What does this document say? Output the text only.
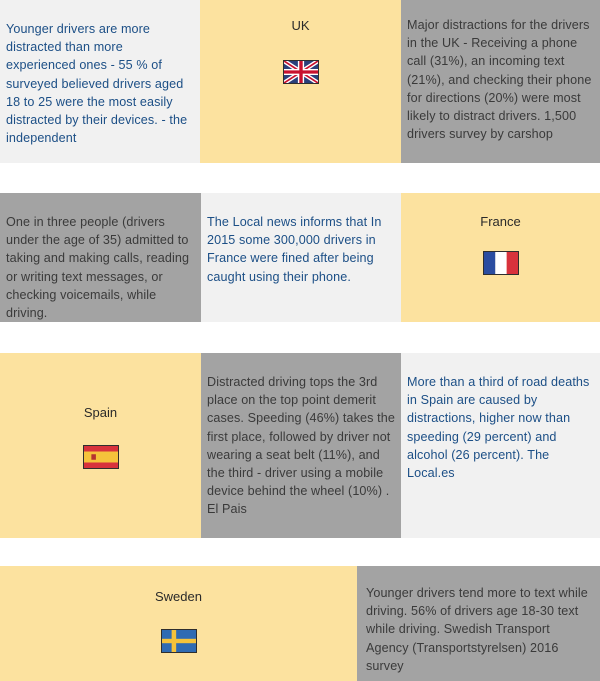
Younger drivers are more distracted than more experienced ones - 55 % of surveyed believed drivers aged 18 to 25 were the most easily distracted by their devices. - the independent
UK	Major distractions for the drivers in the UK - Receiving a phone call (31%), an incoming text (21%), and checking their phone for directions (20%) were most likely to distract drivers. 1,500 drivers survey by carshop
One in three people (drivers under the age of 35) admitted to taking and making calls, reading or writing text messages, or checking voicemails, while driving.
The Local news informs that In 2015 some 300,000 drivers in France were fined after being caught using their phone.
France
Spain
Distracted driving tops the 3rd place on the top point demerit cases. Speeding (46%) takes the first place, followed by driver not wearing a seat belt (11%), and the third - driver using a mobile device behind the wheel (10%) . El Pais
More than a third of road deaths in Spain are caused by distractions, higher now than speeding (29 percent) and alcohol (26 percent). The Local.es
Sweden	Younger drivers tend more to text while driving. 56% of drivers age 18-30 text while driving. Swedish Transport Agency (Transportstyrelsen) 2016 survey
